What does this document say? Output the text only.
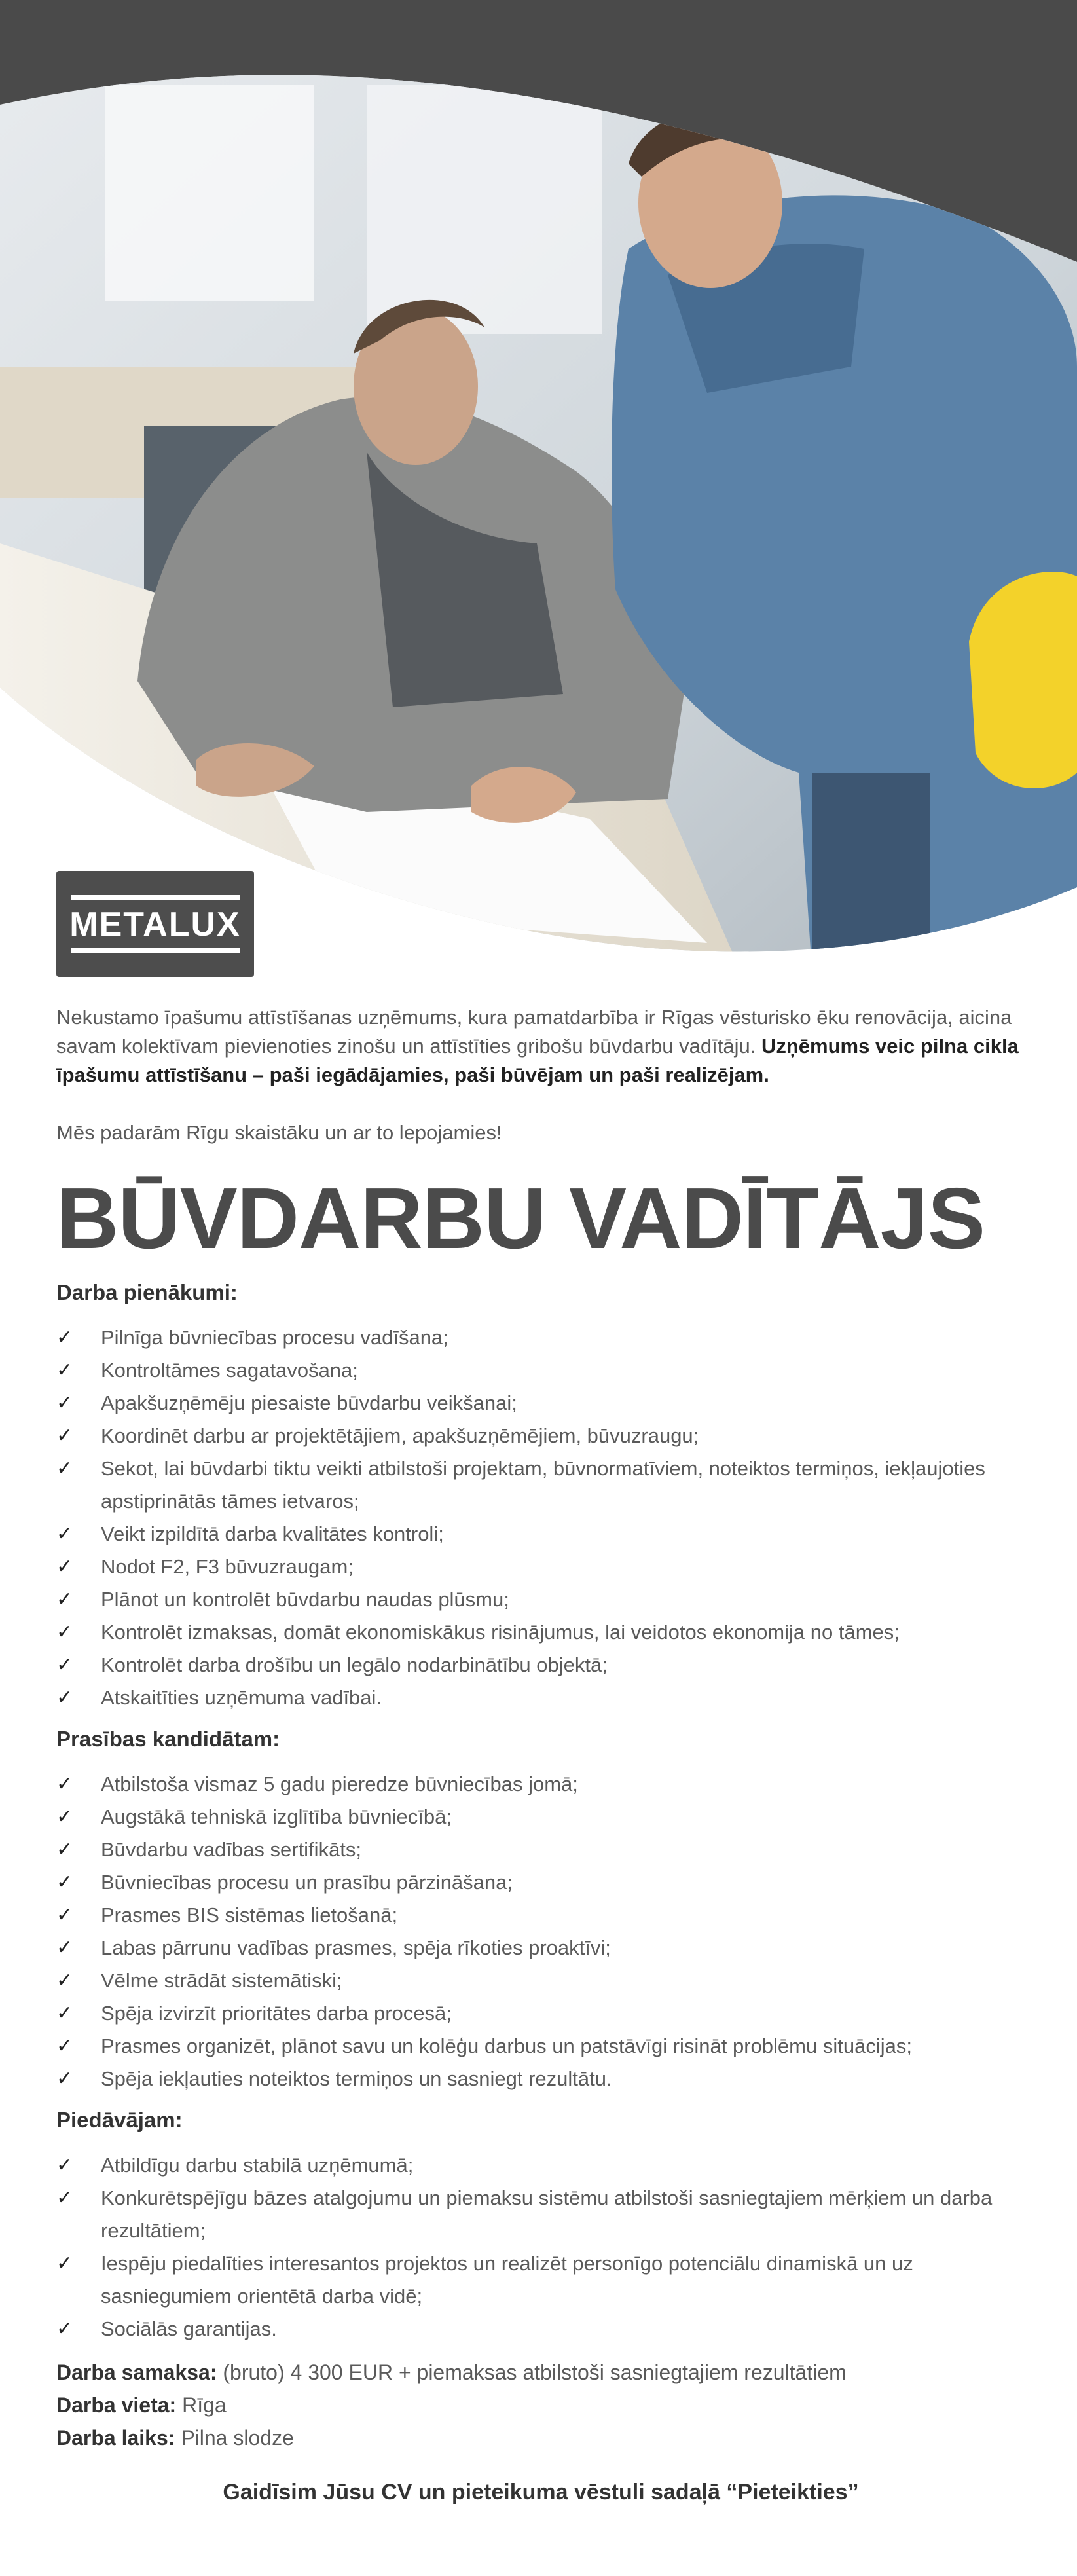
METALUX

Nekustamo īpašumu attīstīšanas uzņēmums, kura pamatdarbība ir Rīgas vēsturisko ēku renovācija, aicina savam kolektīvam pievienoties zinošu un attīstīties gribošu būvdarbu vadītāju. Uzņēmums veic pilna cikla īpašumu attīstīšanu – paši iegādājamies, paši būvējam un paši realizējam.

Mēs padarām Rīgu skaistāku un ar to lepojamies!

BŪVDARBU VADĪTĀJS
Darba pienākumi:
✓	Pilnīga būvniecības procesu vadīšana;
✓	Kontroltāmes sagatavošana;
✓	Apakšuzņēmēju piesaiste būvdarbu veikšanai;
✓	Koordinēt darbu ar projektētājiem, apakšuzņēmējiem, būvuzraugu;
✓	Sekot, lai būvdarbi tiktu veikti atbilstoši projektam, būvnormatīviem, noteiktos termiņos, iekļaujoties apstiprinātās tāmes ietvaros;
✓	Veikt izpildītā darba kvalitātes kontroli;
✓	Nodot F2, F3 būvuzraugam;
✓	Plānot un kontrolēt būvdarbu naudas plūsmu;
✓	Kontrolēt izmaksas, domāt ekonomiskākus risinājumus, lai veidotos ekonomija no tāmes;
✓	Kontrolēt darba drošību un legālo nodarbinātību objektā;
✓	Atskaitīties uzņēmuma vadībai.
Prasības kandidātam:
✓	Atbilstoša vismaz 5 gadu pieredze būvniecības jomā;
✓	Augstākā tehniskā izglītība būvniecībā;
✓	Būvdarbu vadības sertifikāts;
✓	Būvniecības procesu un prasību pārzināšana;
✓	Prasmes BIS sistēmas lietošanā;
✓	Labas pārrunu vadības prasmes, spēja rīkoties proaktīvi;
✓	Vēlme strādāt sistemātiski;
✓	Spēja izvirzīt prioritātes darba procesā;
✓	Prasmes organizēt, plānot savu un kolēģu darbus un patstāvīgi risināt problēmu situācijas;
✓	Spēja iekļauties noteiktos termiņos un sasniegt rezultātu.
Piedāvājam:
✓	Atbildīgu darbu stabilā uzņēmumā;
✓	Konkurētspējīgu bāzes atalgojumu un piemaksu sistēmu atbilstoši sasniegtajiem mērķiem un darba rezultātiem;
✓	Iespēju piedalīties interesantos projektos un realizēt personīgo potenciālu dinamiskā un uz sasniegumiem orientētā darba vidē;
✓	Sociālās garantijas.

Darba samaksa: (bruto) 4 300 EUR + piemaksas atbilstoši sasniegtajiem rezultātiem

Darba vieta: Rīga

Darba laiks: Pilna slodze

Gaidīsim Jūsu CV un pieteikuma vēstuli sadaļā “Pieteikties”
